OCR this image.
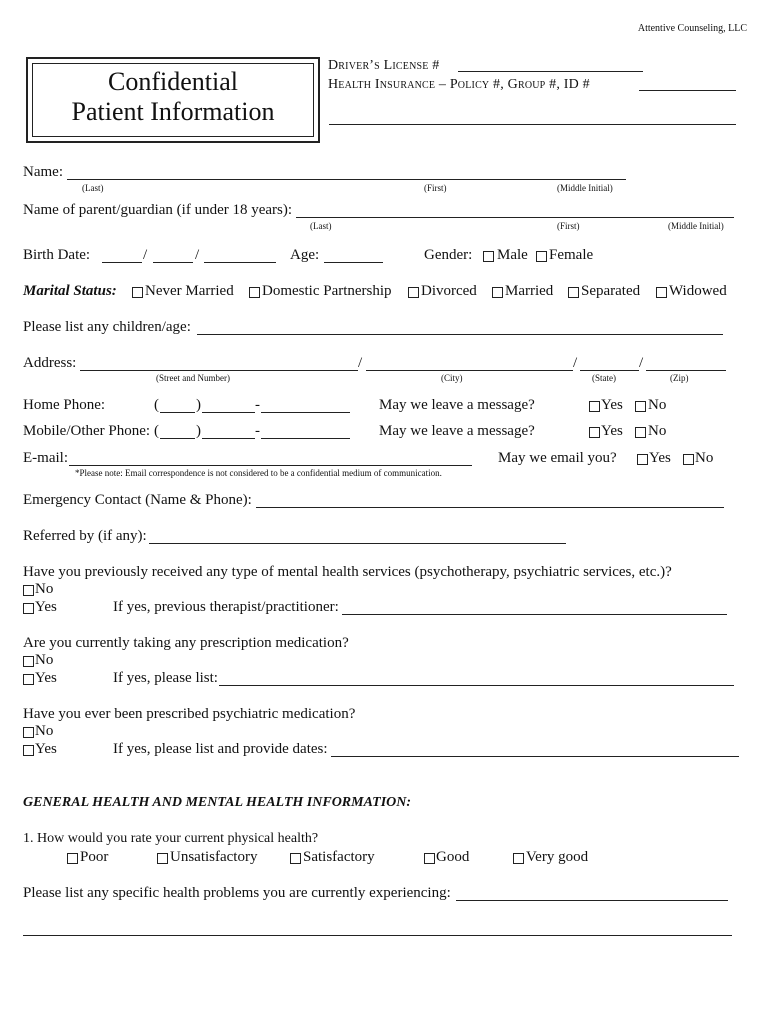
Attentive Counseling, LLC
Confidential
Patient Information
Driver’s License #
Health Insurance – Policy #, Group #, ID #
Name:
(Last)	(First)	(Middle Initial)
Name of parent/guardian (if under 18 years):
(Last)	(First)	(Middle Initial)
Birth Date:	/	/	Age:	Gender: Male Female
Marital Status: Never Married Domestic Partnership Divorced Married Separated Widowed
Please list any children/age:
Address:	/	/	/
(Street and Number)	(City)	(State)	(Zip)
Home Phone:	( )	-	May we leave a message?	Yes No
Mobile/Other Phone: ( )	-	May we leave a message?	Yes No
E-mail:
*Please note: Email correspondence is not considered to be a confidential medium of communication.
May we email you? Yes No
Emergency Contact (Name & Phone):
Referred by (if any):
Have you previously received any type of mental health services (psychotherapy, psychiatric services, etc.)?
No
Yes	If yes, previous therapist/practitioner:
Are you currently taking any prescription medication?
No
Yes	If yes, please list:
Have you ever been prescribed psychiatric medication?
No
Yes	If yes, please list and provide dates:
GENERAL HEALTH AND MENTAL HEALTH INFORMATION:
1. How would you rate your current physical health?
Poor	Unsatisfactory	Satisfactory	Good	Very good
Please list any specific health problems you are currently experiencing:
